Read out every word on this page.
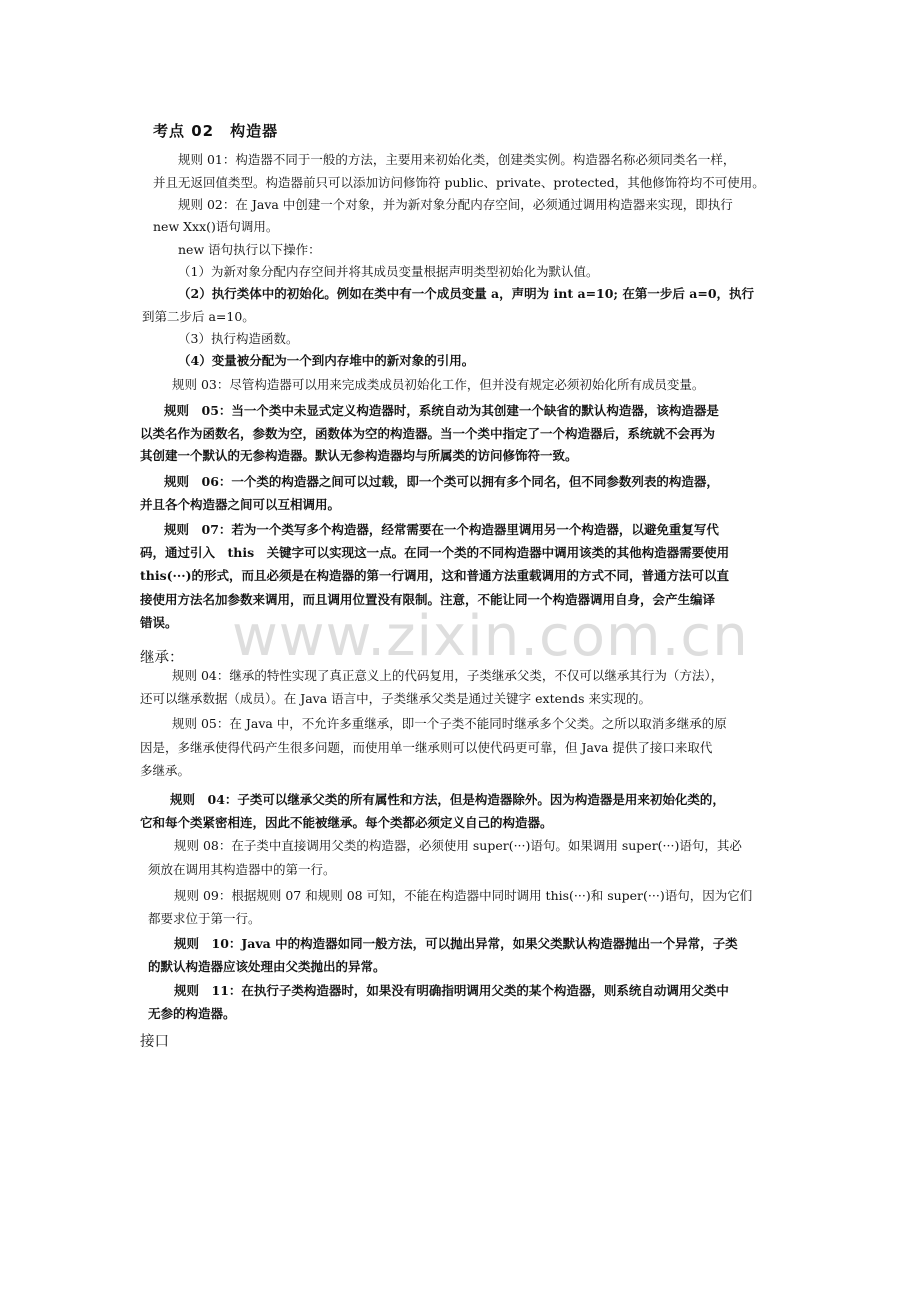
考点 02　构造器
规则 01：构造器不同于一般的方法，主要用来初始化类，创建类实例。构造器名称必须同类名一样，
并且无返回值类型。构造器前只可以添加访问修饰符 public、private、protected，其他修饰符均不可使用。
规则 02：在 Java 中创建一个对象，并为新对象分配内存空间，必须通过调用构造器来实现，即执行
new Xxx()语句调用。
new 语句执行以下操作：
（1）为新对象分配内存空间并将其成员变量根据声明类型初始化为默认值。
（2）执行类体中的初始化。例如在类中有一个成员变量 a，声明为 int a=10; 在第一步后 a=0，执行
到第二步后 a=10。
（3）执行构造函数。
（4）变量被分配为一个到内存堆中的新对象的引用。
规则 03：尽管构造器可以用来完成类成员初始化工作，但并没有规定必须初始化所有成员变量。
规则　05：当一个类中未显式定义构造器时，系统自动为其创建一个缺省的默认构造器，该构造器是
以类名作为函数名，参数为空，函数体为空的构造器。当一个类中指定了一个构造器后，系统就不会再为
其创建一个默认的无参构造器。默认无参构造器均与所属类的访问修饰符一致。
规则　06：一个类的构造器之间可以过载，即一个类可以拥有多个同名，但不同参数列表的构造器，
并且各个构造器之间可以互相调用。
规则　07：若为一个类写多个构造器，经常需要在一个构造器里调用另一个构造器，以避免重复写代
码，通过引入　this　关键字可以实现这一点。在同一个类的不同构造器中调用该类的其他构造器需要使用
this(···)的形式，而且必须是在构造器的第一行调用，这和普通方法重载调用的方式不同，普通方法可以直
接使用方法名加参数来调用，而且调用位置没有限制。注意，不能让同一个构造器调用自身，会产生编译
错误。 www.zixin.com.cn
继承：
规则 04：继承的特性实现了真正意义上的代码复用，子类继承父类，不仅可以继承其行为（方法），
还可以继承数据（成员）。在 Java 语言中，子类继承父类是通过关键字 extends 来实现的。
规则 05：在 Java 中，不允许多重继承，即一个子类不能同时继承多个父类。之所以取消多继承的原
因是，多继承使得代码产生很多问题，而使用单一继承则可以使代码更可靠，但 Java 提供了接口来取代
多继承。
规则　04：子类可以继承父类的所有属性和方法，但是构造器除外。因为构造器是用来初始化类的，
它和每个类紧密相连，因此不能被继承。每个类都必须定义自己的构造器。
规则 08：在子类中直接调用父类的构造器，必须使用 super(···)语句。如果调用 super(···)语句，其必
须放在调用其构造器中的第一行。
规则 09：根据规则 07 和规则 08 可知，不能在构造器中同时调用 this(···)和 super(···)语句，因为它们
都要求位于第一行。
规则　10：Java 中的构造器如同一般方法，可以抛出异常，如果父类默认构造器抛出一个异常，子类
的默认构造器应该处理由父类抛出的异常。
规则　11：在执行子类构造器时，如果没有明确指明调用父类的某个构造器，则系统自动调用父类中
无参的构造器。
接口
